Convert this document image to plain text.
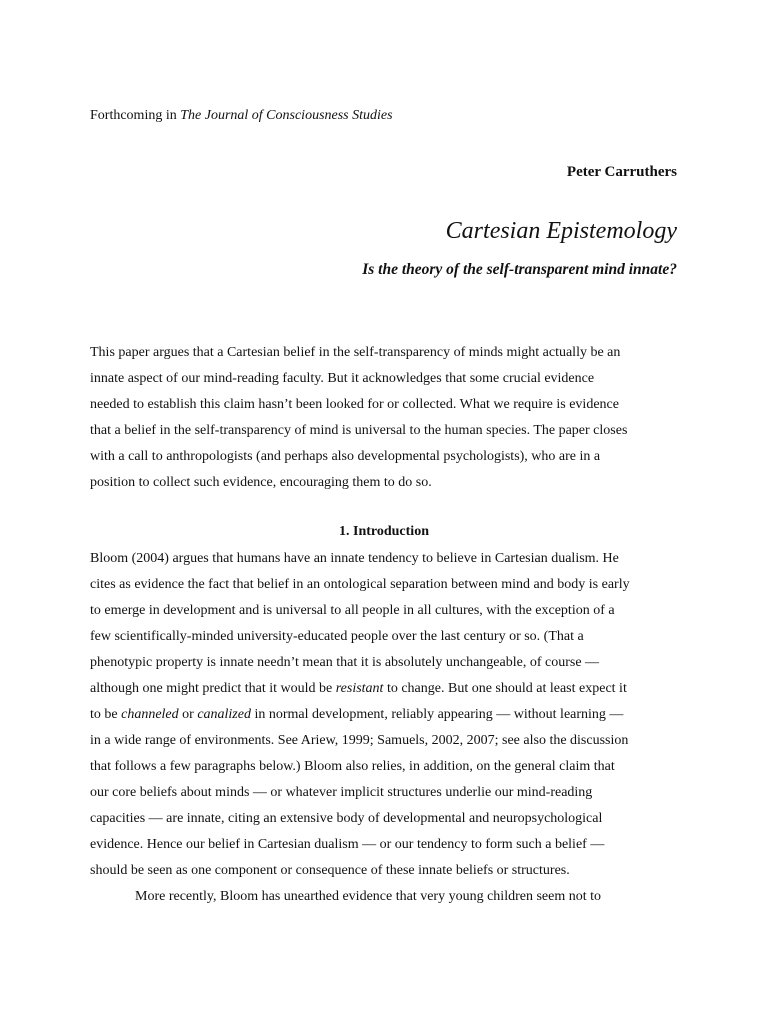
Forthcoming in The Journal of Consciousness Studies
Peter Carruthers
Cartesian Epistemology
Is the theory of the self-transparent mind innate?

This paper argues that a Cartesian belief in the self-transparency of minds might actually be an

innate aspect of our mind-reading faculty. But it acknowledges that some crucial evidence

needed to establish this claim hasn’t been looked for or collected. What we require is evidence

that a belief in the self-transparency of mind is universal to the human species. The paper closes

with a call to anthropologists (and perhaps also developmental psychologists), who are in a

position to collect such evidence, encouraging them to do so.

1. Introduction

Bloom (2004) argues that humans have an innate tendency to believe in Cartesian dualism. He

cites as evidence the fact that belief in an ontological separation between mind and body is early

to emerge in development and is universal to all people in all cultures, with the exception of a

few scientifically-minded university-educated people over the last century or so. (That a

phenotypic property is innate needn’t mean that it is absolutely unchangeable, of course —

although one might predict that it would be resistant to change. But one should at least expect it

to be channeled or canalized in normal development, reliably appearing — without learning —

in a wide range of environments. See Ariew, 1999; Samuels, 2002, 2007; see also the discussion

that follows a few paragraphs below.) Bloom also relies, in addition, on the general claim that

our core beliefs about minds — or whatever implicit structures underlie our mind-reading

capacities — are innate, citing an extensive body of developmental and neuropsychological

evidence. Hence our belief in Cartesian dualism — or our tendency to form such a belief —

should be seen as one component or consequence of these innate beliefs or structures.

More recently, Bloom has unearthed evidence that very young children seem not to
